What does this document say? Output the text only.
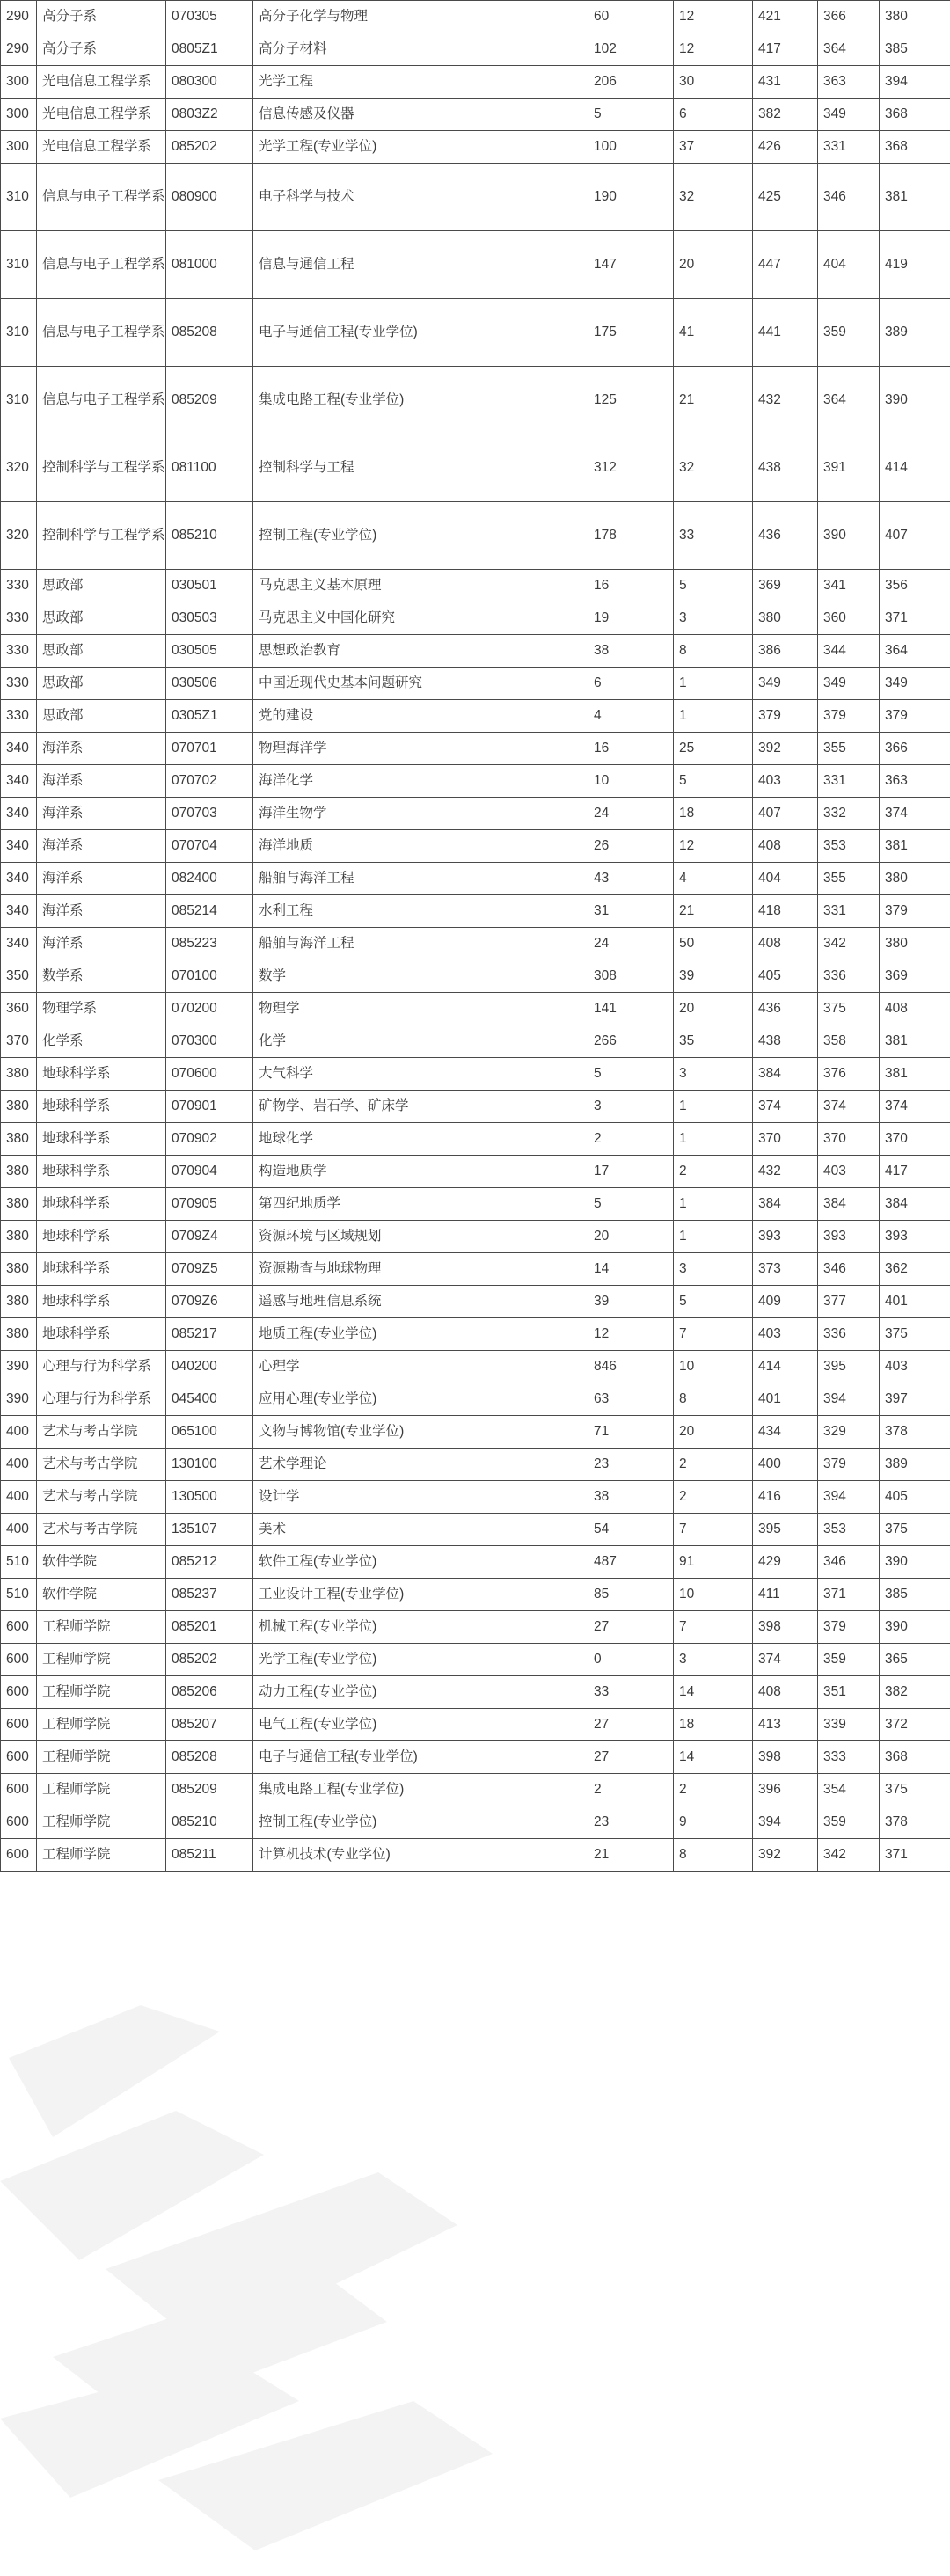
290	高分子系	070305	高分子化学与物理	60	12	421	366	380
290	高分子系	0805Z1	高分子材料	102	12	417	364	385
300	光电信息工程学系	080300	光学工程	206	30	431	363	394
300	光电信息工程学系	0803Z2	信息传感及仪器	5	6	382	349	368
300	光电信息工程学系	085202	光学工程(专业学位)	100	37	426	331	368
310	信息与电子工程学系	080900	电子科学与技术	190	32	425	346	381
310	信息与电子工程学系	081000	信息与通信工程	147	20	447	404	419
310	信息与电子工程学系	085208	电子与通信工程(专业学位)	175	41	441	359	389
310	信息与电子工程学系	085209	集成电路工程(专业学位)	125	21	432	364	390
320	控制科学与工程学系	081100	控制科学与工程	312	32	438	391	414
320	控制科学与工程学系	085210	控制工程(专业学位)	178	33	436	390	407
330	思政部	030501	马克思主义基本原理	16	5	369	341	356
330	思政部	030503	马克思主义中国化研究	19	3	380	360	371
330	思政部	030505	思想政治教育	38	8	386	344	364
330	思政部	030506	中国近现代史基本问题研究	6	1	349	349	349
330	思政部	0305Z1	党的建设	4	1	379	379	379
340	海洋系	070701	物理海洋学	16	25	392	355	366
340	海洋系	070702	海洋化学	10	5	403	331	363
340	海洋系	070703	海洋生物学	24	18	407	332	374
340	海洋系	070704	海洋地质	26	12	408	353	381
340	海洋系	082400	船舶与海洋工程	43	4	404	355	380
340	海洋系	085214	水利工程	31	21	418	331	379
340	海洋系	085223	船舶与海洋工程	24	50	408	342	380
350	数学系	070100	数学	308	39	405	336	369
360	物理学系	070200	物理学	141	20	436	375	408
370	化学系	070300	化学	266	35	438	358	381
380	地球科学系	070600	大气科学	5	3	384	376	381
380	地球科学系	070901	矿物学、岩石学、矿床学	3	1	374	374	374
380	地球科学系	070902	地球化学	2	1	370	370	370
380	地球科学系	070904	构造地质学	17	2	432	403	417
380	地球科学系	070905	第四纪地质学	5	1	384	384	384
380	地球科学系	0709Z4	资源环境与区域规划	20	1	393	393	393
380	地球科学系	0709Z5	资源勘查与地球物理	14	3	373	346	362
380	地球科学系	0709Z6	遥感与地理信息系统	39	5	409	377	401
380	地球科学系	085217	地质工程(专业学位)	12	7	403	336	375
390	心理与行为科学系	040200	心理学	846	10	414	395	403
390	心理与行为科学系	045400	应用心理(专业学位)	63	8	401	394	397
400	艺术与考古学院	065100	文物与博物馆(专业学位)	71	20	434	329	378
400	艺术与考古学院	130100	艺术学理论	23	2	400	379	389
400	艺术与考古学院	130500	设计学	38	2	416	394	405
400	艺术与考古学院	135107	美术	54	7	395	353	375
510	软件学院	085212	软件工程(专业学位)	487	91	429	346	390
510	软件学院	085237	工业设计工程(专业学位)	85	10	411	371	385
600	工程师学院	085201	机械工程(专业学位)	27	7	398	379	390
600	工程师学院	085202	光学工程(专业学位)	0	3	374	359	365
600	工程师学院	085206	动力工程(专业学位)	33	14	408	351	382
600	工程师学院	085207	电气工程(专业学位)	27	18	413	339	372
600	工程师学院	085208	电子与通信工程(专业学位)	27	14	398	333	368
600	工程师学院	085209	集成电路工程(专业学位)	2	2	396	354	375
600	工程师学院	085210	控制工程(专业学位)	23	9	394	359	378
600	工程师学院	085211	计算机技术(专业学位)	21	8	392	342	371
